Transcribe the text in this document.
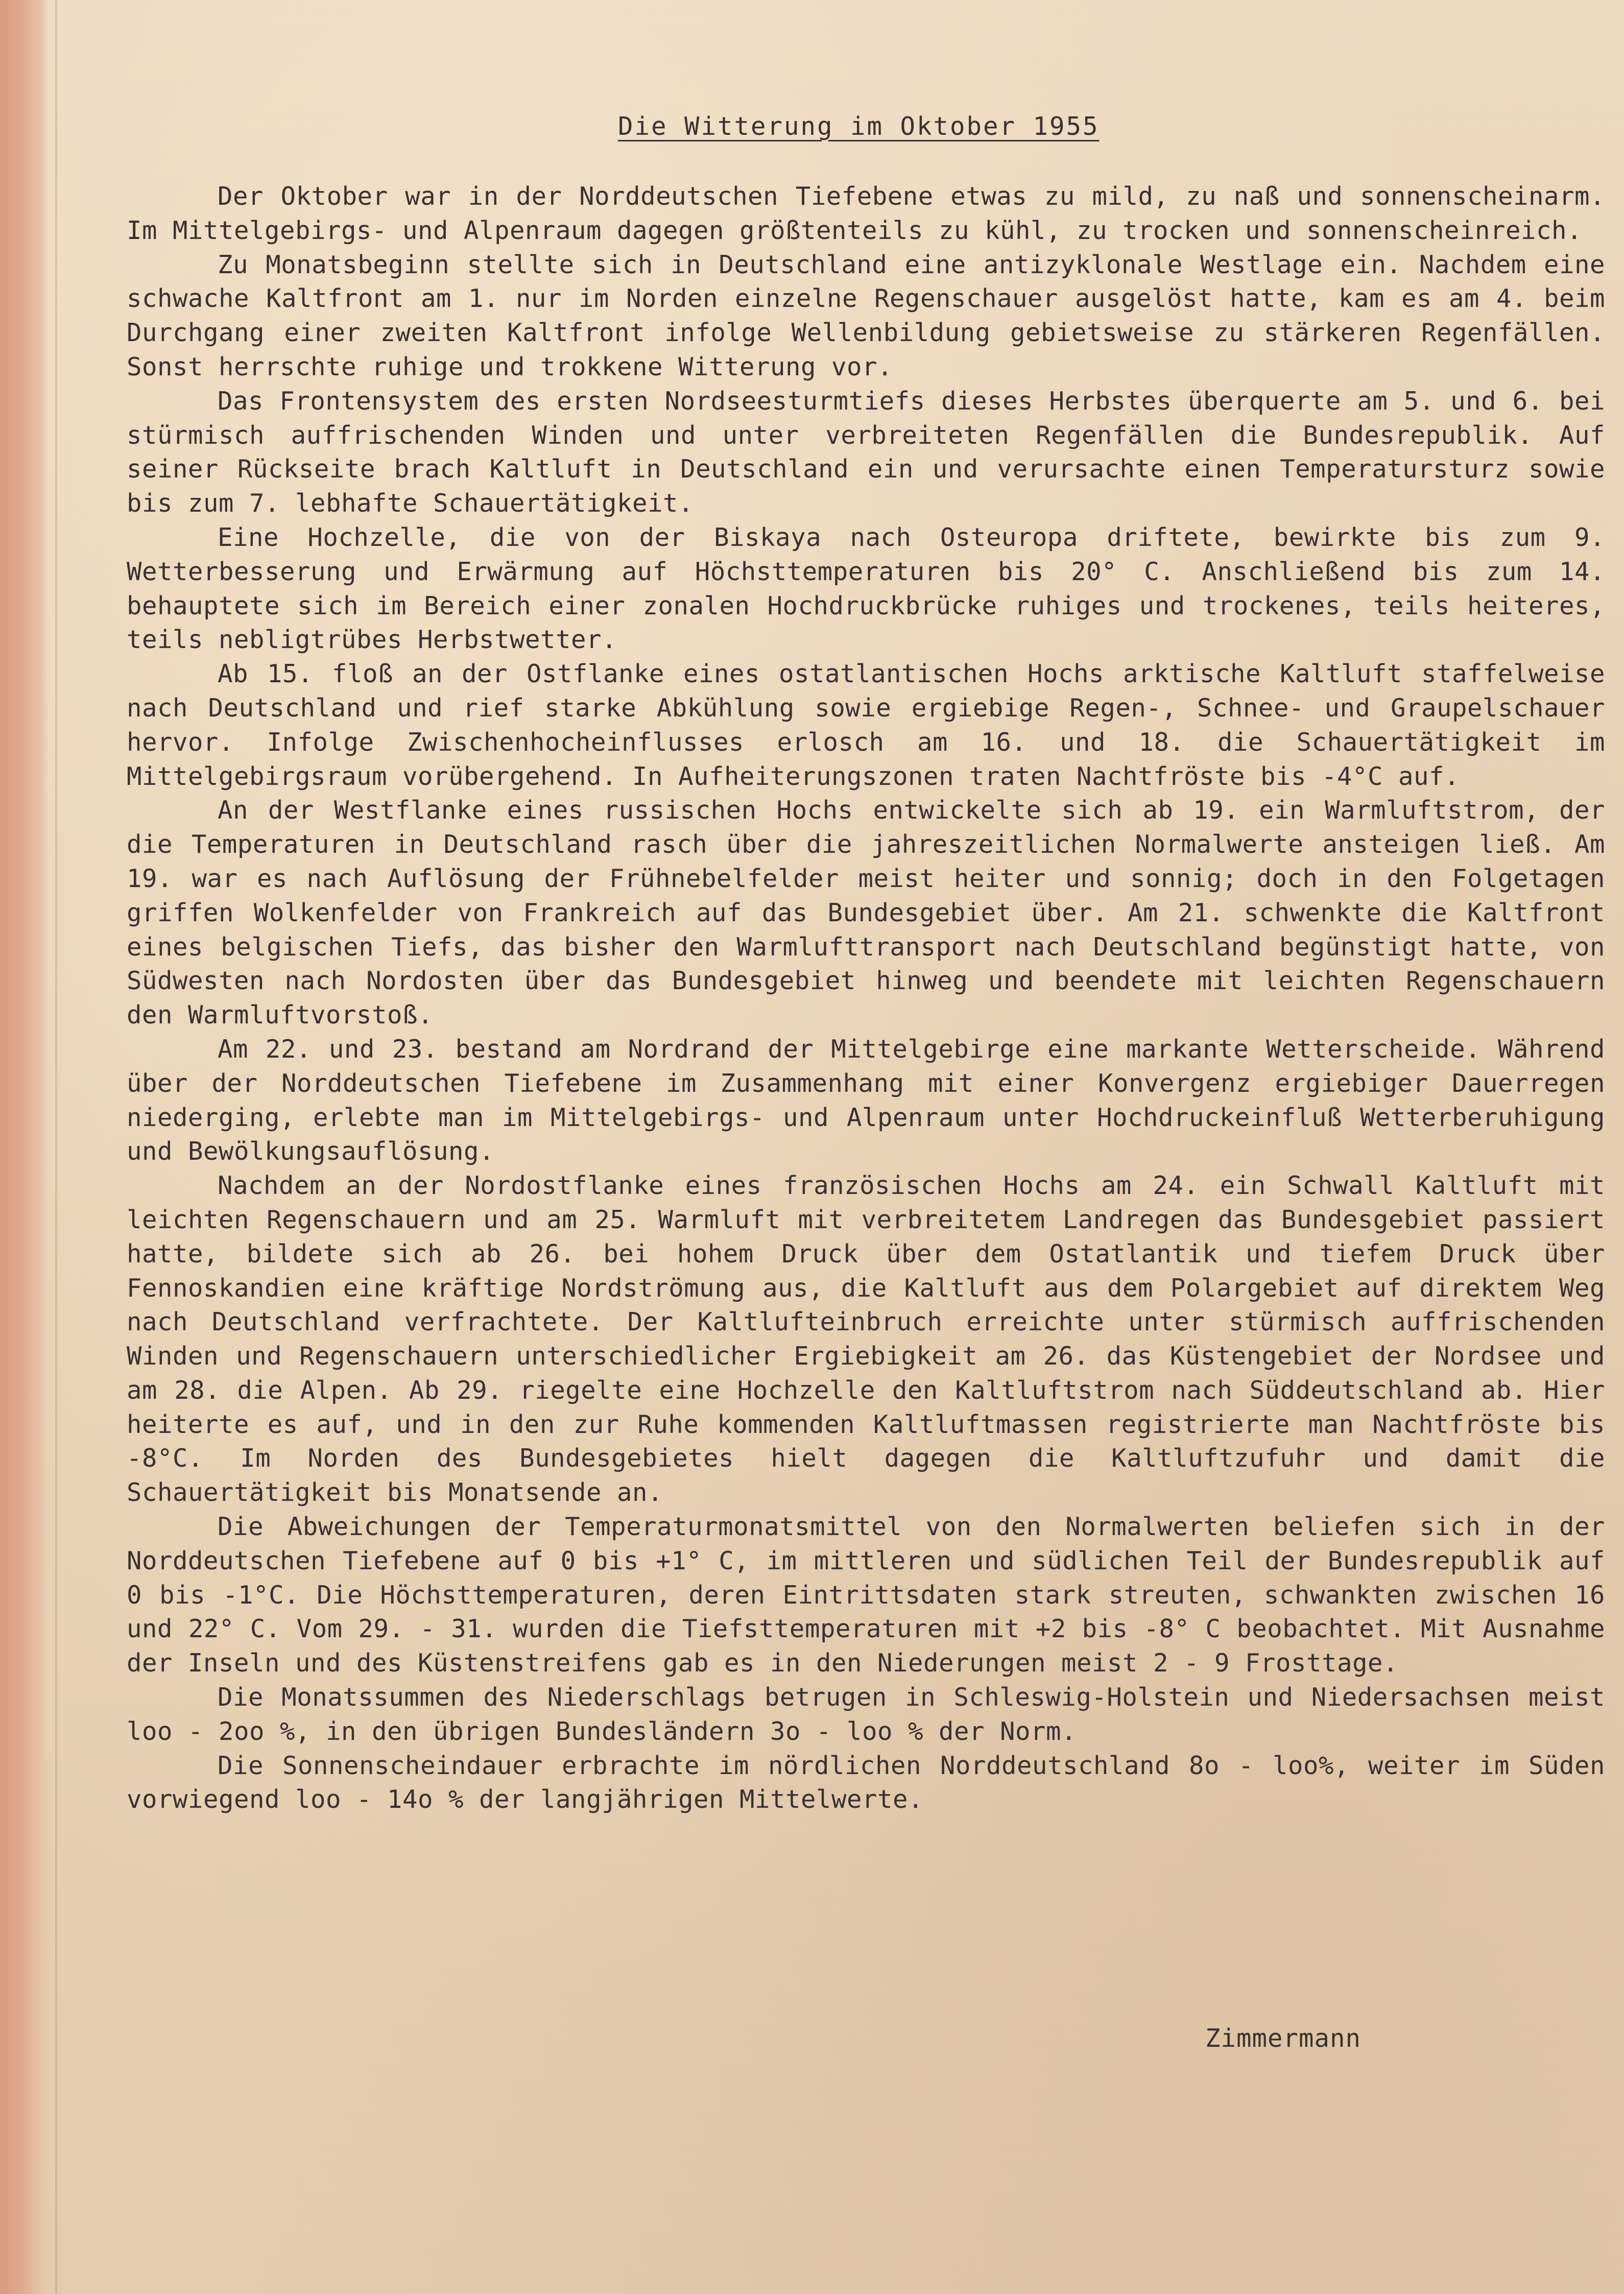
Die Witterung im Oktober 1955

Der Oktober war in der Norddeutschen Tiefebene etwas zu mild, zu naß und sonnenscheinarm. Im Mittelgebirgs- und Alpenraum dagegen größtenteils zu kühl, zu trocken und sonnenscheinreich.

Zu Monatsbeginn stellte sich in Deutschland eine antizyklonale Westlage ein. Nachdem eine schwache Kaltfront am 1. nur im Norden einzelne Regenschauer ausgelöst hatte, kam es am 4. beim Durchgang einer zweiten Kaltfront infolge Wellenbildung gebietsweise zu stärkeren Regenfällen. Sonst herrschte ruhige und trokkene Witterung vor.

Das Frontensystem des ersten Nordseesturmtiefs dieses Herbstes überquerte am 5. und 6. bei stürmisch auffrischenden Winden und unter verbreiteten Regenfällen die Bundesrepublik. Auf seiner Rückseite brach Kaltluft in Deutschland ein und verursachte einen Temperatursturz sowie bis zum 7. lebhafte Schauertätigkeit.

Eine Hochzelle, die von der Biskaya nach Osteuropa driftete, bewirkte bis zum 9. Wetterbesserung und Erwärmung auf Höchsttemperaturen bis 20° C. Anschließend bis zum 14. behauptete sich im Bereich einer zonalen Hochdruckbrücke ruhiges und trockenes, teils heiteres, teils nebligtrübes Herbstwetter.

Ab 15. floß an der Ostflanke eines ostatlantischen Hochs arktische Kaltluft staffelweise nach Deutschland und rief starke Abkühlung sowie ergiebige Regen-, Schnee- und Graupelschauer hervor. Infolge Zwischenhocheinflusses erlosch am 16. und 18. die Schauertätigkeit im Mittelgebirgsraum vorübergehend. In Aufheiterungszonen traten Nachtfröste bis -4°C auf.

An der Westflanke eines russischen Hochs entwickelte sich ab 19. ein Warmluftstrom, der die Temperaturen in Deutschland rasch über die jahreszeitlichen Normalwerte ansteigen ließ. Am 19. war es nach Auflösung der Frühnebelfelder meist heiter und sonnig; doch in den Folgetagen griffen Wolkenfelder von Frankreich auf das Bundesgebiet über. Am 21. schwenkte die Kaltfront eines belgischen Tiefs, das bisher den Warmlufttransport nach Deutschland begünstigt hatte, von Südwesten nach Nordosten über das Bundesgebiet hinweg und beendete mit leichten Regenschauern den Warmluftvorstoß.

Am 22. und 23. bestand am Nordrand der Mittelgebirge eine markante Wetterscheide. Während über der Norddeutschen Tiefebene im Zusammenhang mit einer Konvergenz ergiebiger Dauerregen niederging, erlebte man im Mittelgebirgs- und Alpenraum unter Hochdruckeinfluß Wetterberuhigung und Bewölkungsauflösung.

Nachdem an der Nordostflanke eines französischen Hochs am 24. ein Schwall Kaltluft mit leichten Regenschauern und am 25. Warmluft mit verbreitetem Landregen das Bundesgebiet passiert hatte, bildete sich ab 26. bei hohem Druck über dem Ostatlantik und tiefem Druck über Fennoskandien eine kräftige Nordströmung aus, die Kaltluft aus dem Polargebiet auf direktem Weg nach Deutschland verfrachtete. Der Kaltlufteinbruch erreichte unter stürmisch auffrischenden Winden und Regenschauern unterschiedlicher Ergiebigkeit am 26. das Küstengebiet der Nordsee und am 28. die Alpen. Ab 29. riegelte eine Hochzelle den Kaltluftstrom nach Süddeutschland ab. Hier heiterte es auf, und in den zur Ruhe kommenden Kaltluftmassen registrierte man Nachtfröste bis -8°C. Im Norden des Bundesgebietes hielt dagegen die Kaltluftzufuhr und damit die Schauertätigkeit bis Monatsende an.

Die Abweichungen der Temperaturmonatsmittel von den Normalwerten beliefen sich in der Norddeutschen Tiefebene auf 0 bis +1° C, im mittleren und südlichen Teil der Bundesrepublik auf 0 bis -1°C. Die Höchsttemperaturen, deren Eintrittsdaten stark streuten, schwankten zwischen 16 und 22° C. Vom 29. - 31. wurden die Tiefsttemperaturen mit +2 bis -8° C beobachtet. Mit Ausnahme der Inseln und des Küstenstreifens gab es in den Niederungen meist 2 - 9 Frosttage.

Die Monatssummen des Niederschlags betrugen in Schleswig-Holstein und Niedersachsen meist loo - 2oo %, in den übrigen Bundesländern 3o - loo % der Norm.

Die Sonnenscheindauer erbrachte im nördlichen Norddeutschland 8o - loo%, weiter im Süden vorwiegend loo - 14o % der langjährigen Mittelwerte.

Zimmermann
